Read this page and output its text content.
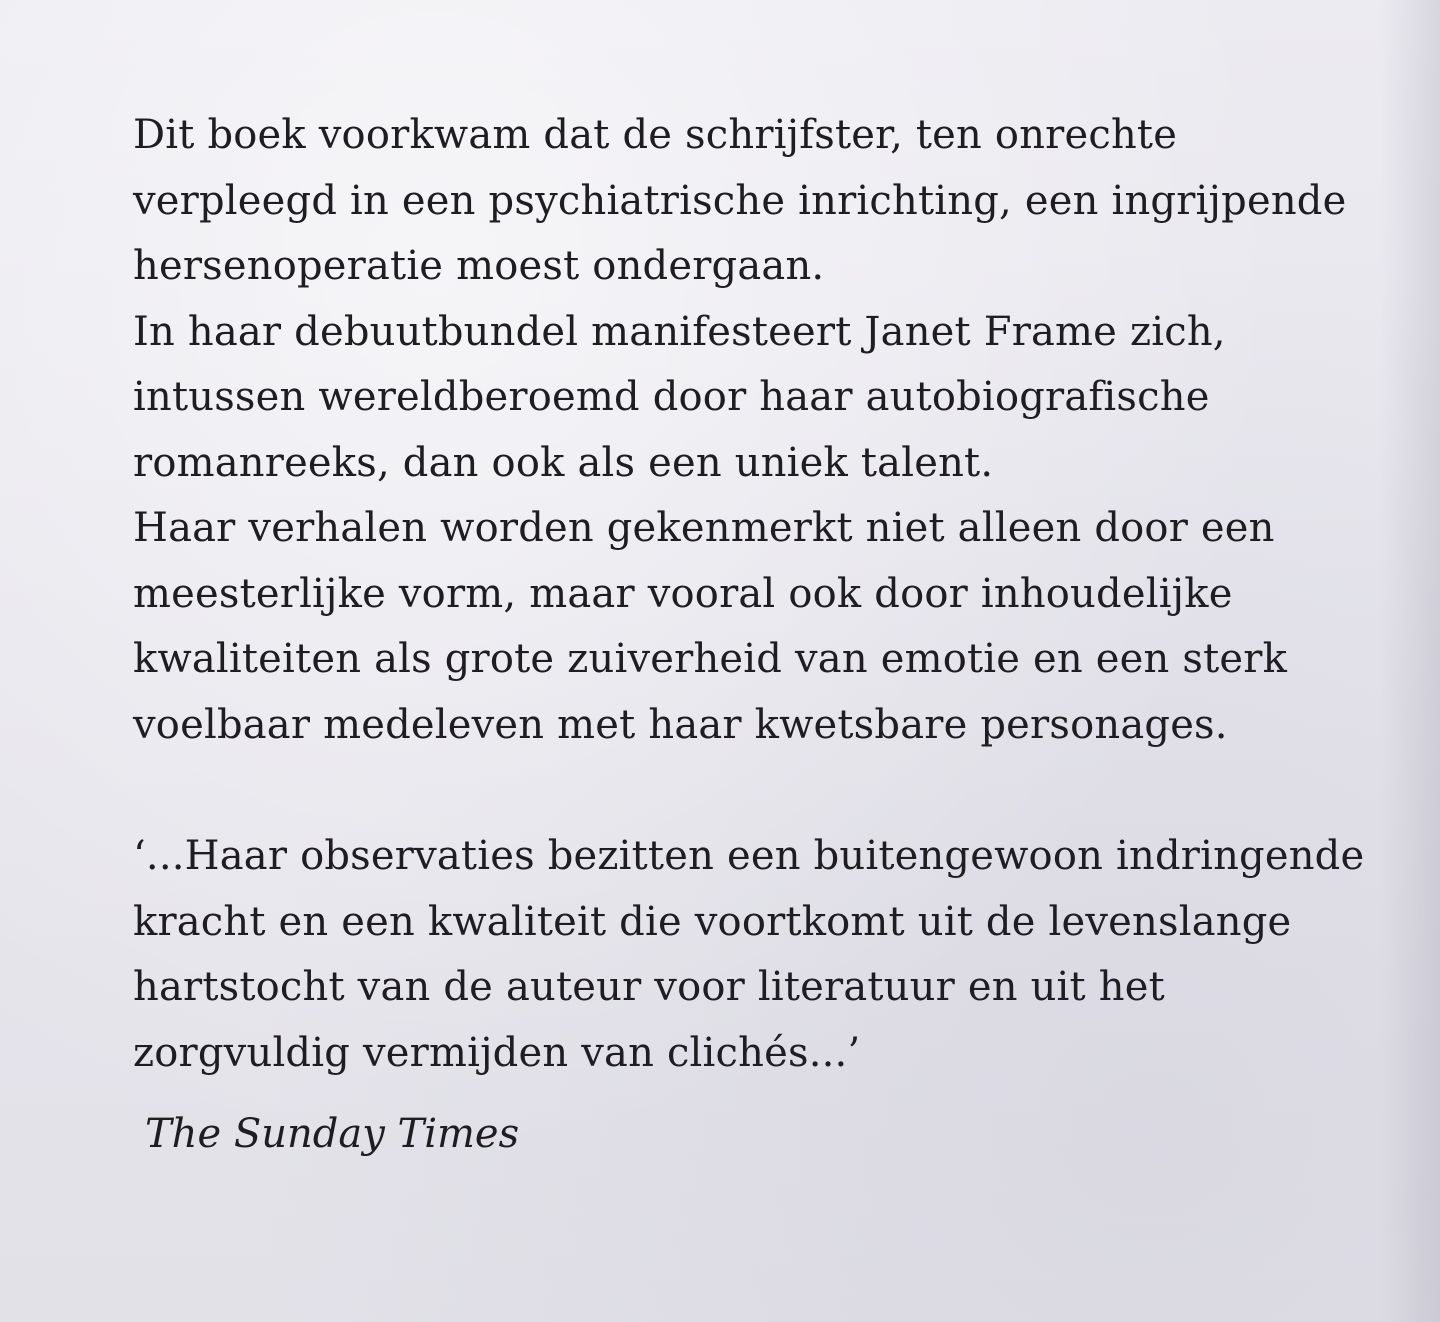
Dit boek voorkwam dat de schrijfster, ten onrechte
verpleegd in een psychiatrische inrichting, een ingrijpende
hersenoperatie moest ondergaan.
In haar debuutbundel manifesteert Janet Frame zich,
intussen wereldberoemd door haar autobiografische
romanreeks, dan ook als een uniek talent.
Haar verhalen worden gekenmerkt niet alleen door een
meesterlijke vorm, maar vooral ook door inhoudelijke
kwaliteiten als grote zuiverheid van emotie en een sterk
voelbaar medeleven met haar kwetsbare personages.
‘...Haar observaties bezitten een buitengewoon indringende
kracht en een kwaliteit die voortkomt uit de levenslange
hartstocht van de auteur voor literatuur en uit het
zorgvuldig vermijden van clichés...’
The Sunday Times
